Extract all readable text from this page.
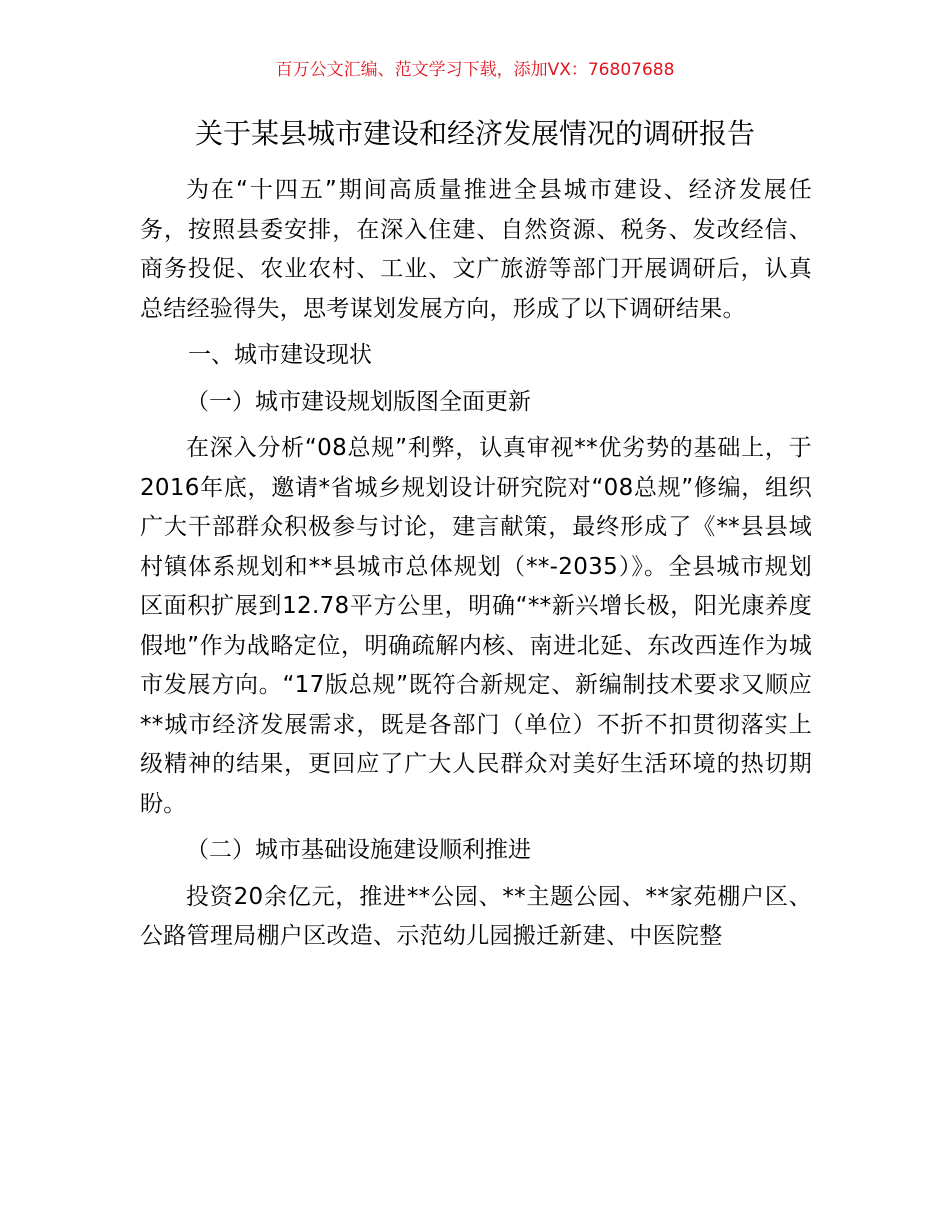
百万公文汇编、范文学习下载，添加VX：76807688
关于某县城市建设和经济发展情况的调研报告

为在“十四五”期间高质量推进全县城市建设、经济发展任务，按照县委安排，在深入住建、自然资源、税务、发改经信、商务投促、农业农村、工业、文广旅游等部门开展调研后，认真总结经验得失，思考谋划发展方向，形成了以下调研结果。

一、城市建设现状
（一）城市建设规划版图全面更新

在深入分析“08总规”利弊，认真审视**优劣势的基础上，于2016年底，邀请*省城乡规划设计研究院对“08总规”修编，组织广大干部群众积极参与讨论，建言献策，最终形成了《**县县域村镇体系规划和**县城市总体规划（**-2035）》。全县城市规划区面积扩展到12.78平方公里，明确“**新兴增长极，阳光康养度假地”作为战略定位，明确疏解内核、南进北延、东改西连作为城市发展方向。“17版总规”既符合新规定、新编制技术要求又顺应**城市经济发展需求，既是各部门（单位）不折不扣贯彻落实上级精神的结果，更回应了广大人民群众对美好生活环境的热切期盼。

（二）城市基础设施建设顺利推进

投资20余亿元，推进**公园、**主题公园、**家苑棚户区、公路管理局棚户区改造、示范幼儿园搬迁新建、中医院整
